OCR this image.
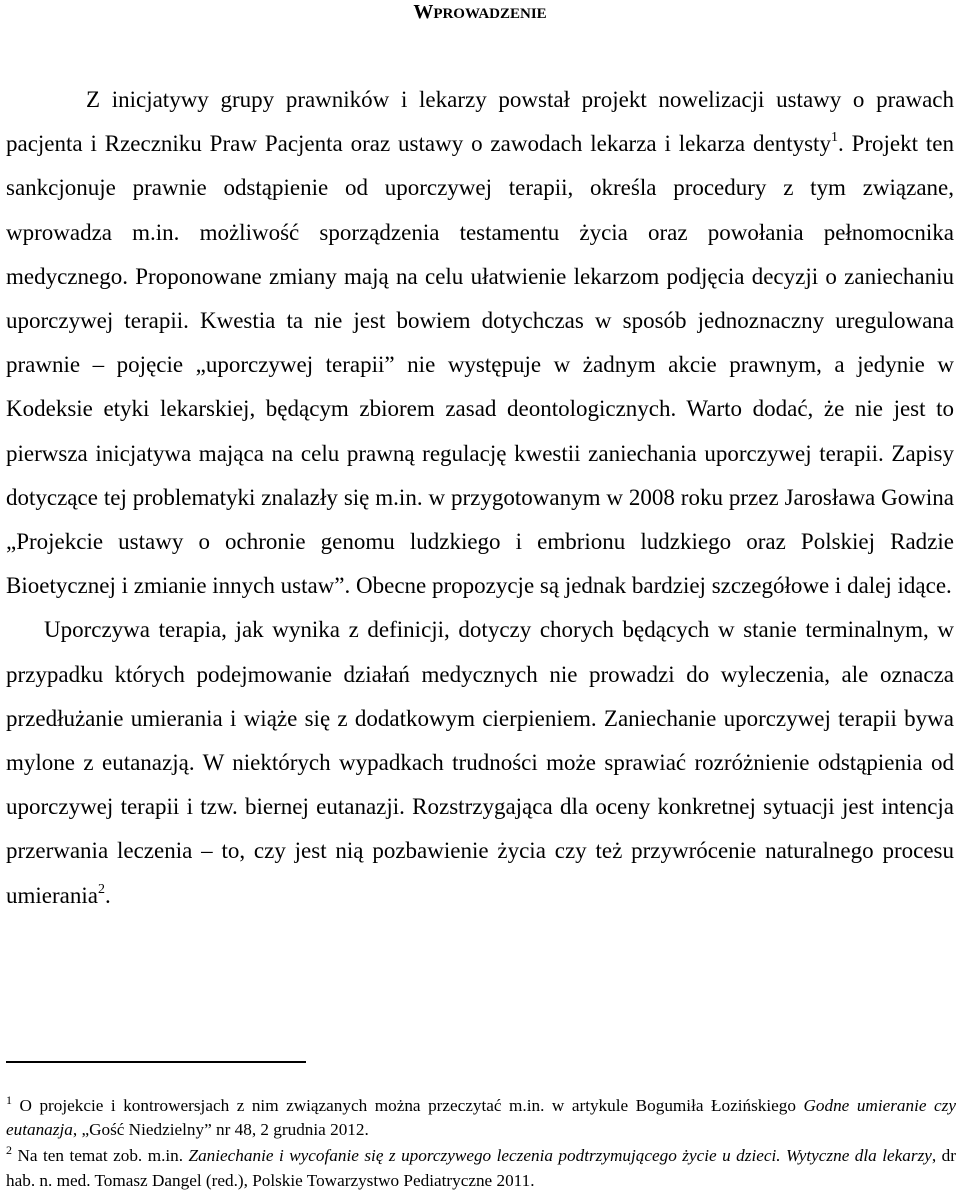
WPROWADZENIE

Z inicjatywy grupy prawników i lekarzy powstał projekt nowelizacji ustawy o prawach pacjenta i Rzeczniku Praw Pacjenta oraz ustawy o zawodach lekarza i lekarza dentysty$^1$. Projekt ten sankcjonuje prawnie odstąpienie od uporczywej terapii, określa procedury z tym związane, wprowadza m.in. możliwość sporządzenia testamentu życia oraz powołania pełnomocnika medycznego. Proponowane zmiany mają na celu ułatwienie lekarzom podjęcia decyzji o zaniechaniu uporczywej terapii. Kwestia ta nie jest bowiem dotychczas w sposób jednoznaczny uregulowana prawnie – pojęcie „uporczywej terapii” nie występuje w żadnym akcie prawnym, a jedynie w Kodeksie etyki lekarskiej, będącym zbiorem zasad deontologicznych. Warto dodać, że nie jest to pierwsza inicjatywa mająca na celu prawną regulację kwestii zaniechania uporczywej terapii. Zapisy dotyczące tej problematyki znalazły się m.in. w przygotowanym w 2008 roku przez Jarosława Gowina „Projekcie ustawy o ochronie genomu ludzkiego i embrionu ludzkiego oraz Polskiej Radzie Bioetycznej i zmianie innych ustaw”. Obecne propozycje są jednak bardziej szczegółowe i dalej idące.

Uporczywa terapia, jak wynika z definicji, dotyczy chorych będących w stanie terminalnym, w przypadku których podejmowanie działań medycznych nie prowadzi do wyleczenia, ale oznacza przedłużanie umierania i wiąże się z dodatkowym cierpieniem. Zaniechanie uporczywej terapii bywa mylone z eutanazją. W niektórych wypadkach trudności może sprawiać rozróżnienie odstąpienia od uporczywej terapii i tzw. biernej eutanazji. Rozstrzygająca dla oceny konkretnej sytuacji jest intencja przerwania leczenia – to, czy jest nią pozbawienie życia czy też przywrócenie naturalnego procesu umierania$^2$.

$^1$ O projekcie i kontrowersjach z nim związanych można przeczytać m.in. w artykule Bogumiła Łozińskiego Godne umieranie czy eutanazja, „Gość Niedzielny” nr 48, 2 grudnia 2012.

$^2$ Na ten temat zob. m.in. Zaniechanie i wycofanie się z uporczywego leczenia podtrzymującego życie u dzieci. Wytyczne dla lekarzy, dr hab. n. med. Tomasz Dangel (red.), Polskie Towarzystwo Pediatryczne 2011.
